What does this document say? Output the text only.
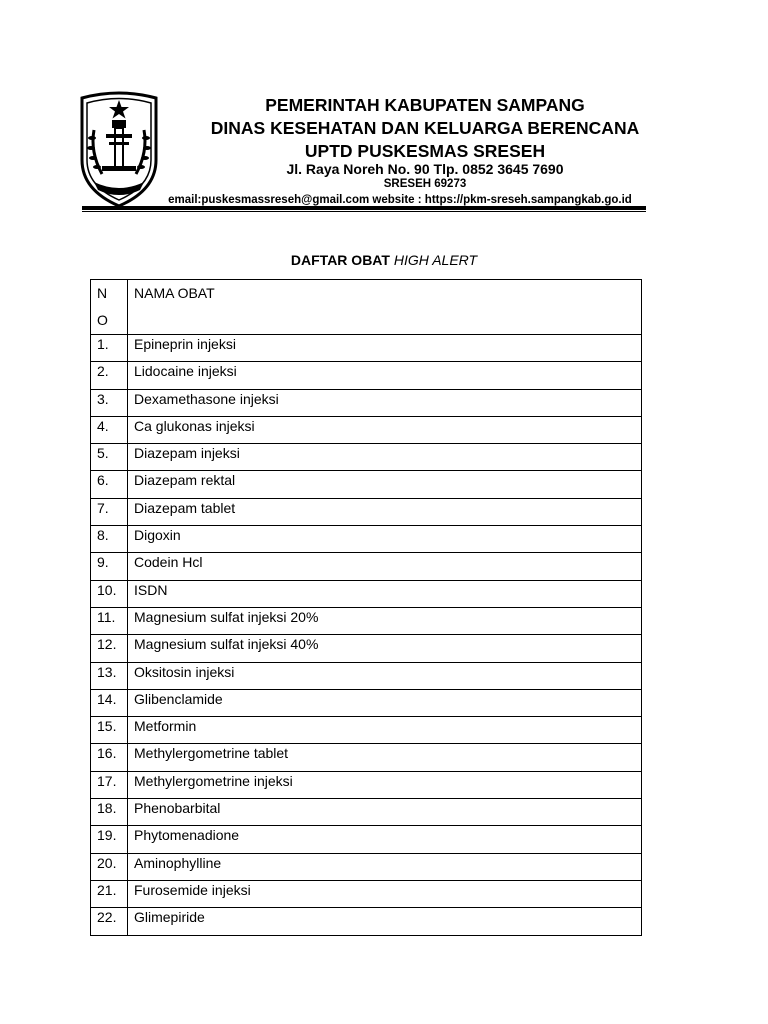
PEMERINTAH KABUPATEN SAMPANG
DINAS KESEHATAN DAN KELUARGA BERENCANA
UPTD PUSKESMAS SRESEH
Jl. Raya Noreh No. 90 Tlp. 0852 3645 7690
SRESEH 69273
email:puskesmassreseh@gmail.com website : https://pkm-sreseh.sampangkab.go.id
DAFTAR OBAT HIGH ALERT
NO	NAMA OBAT
1.	Epineprin injeksi
2.	Lidocaine injeksi
3.	Dexamethasone injeksi
4.	Ca glukonas injeksi
5.	Diazepam injeksi
6.	Diazepam rektal
7.	Diazepam tablet
8.	Digoxin
9.	Codein Hcl
10.	ISDN
11.	Magnesium sulfat injeksi 20%
12.	Magnesium sulfat injeksi 40%
13.	Oksitosin injeksi
14.	Glibenclamide
15.	Metformin
16.	Methylergometrine tablet
17.	Methylergometrine injeksi
18.	Phenobarbital
19.	Phytomenadione
20.	Aminophylline
21.	Furosemide injeksi
22.	Glimepiride
